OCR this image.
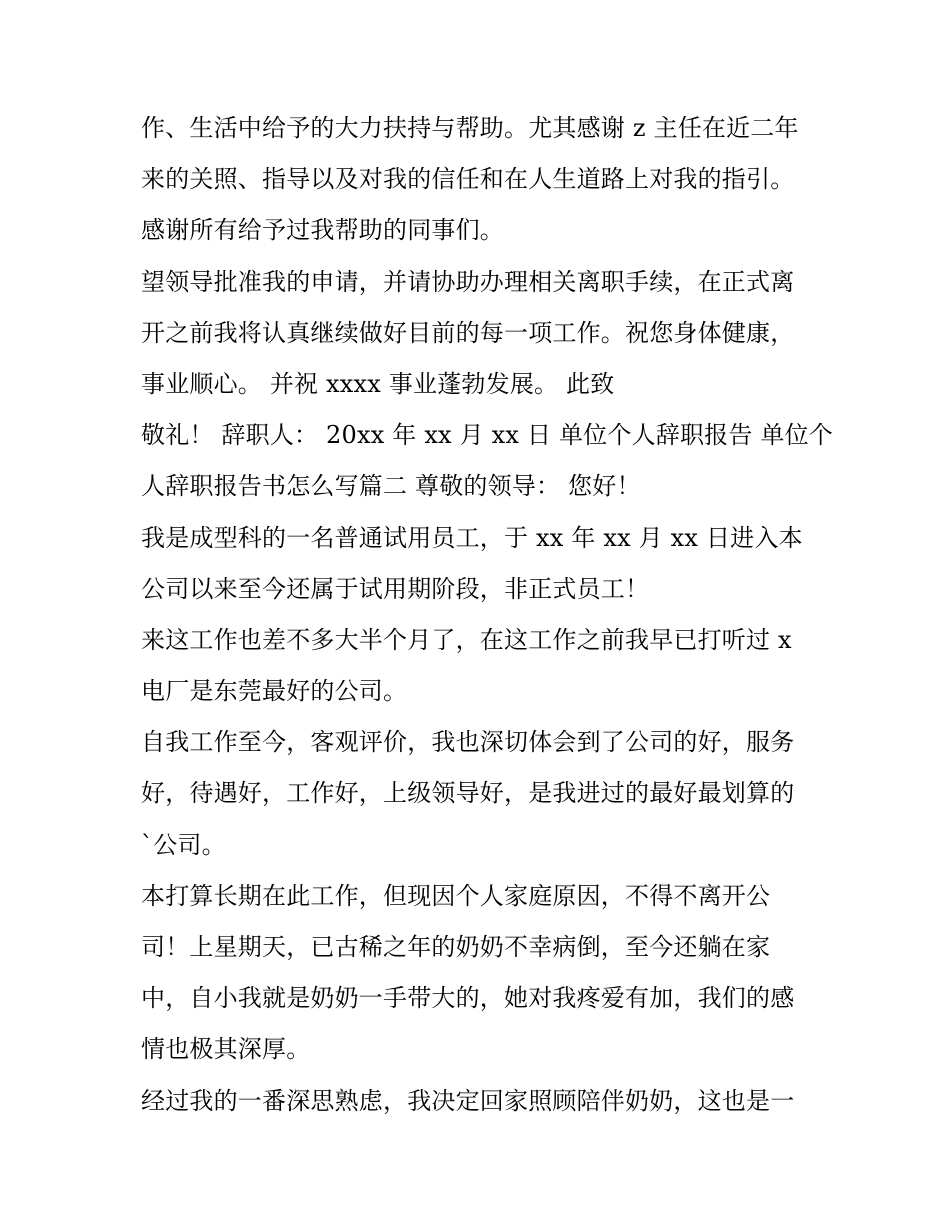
作、生活中给予的大力扶持与帮助。尤其感谢 z 主任在近二年
来的关照、指导以及对我的信任和在人生道路上对我的指引。
感谢所有给予过我帮助的同事们。
望领导批准我的申请，并请协助办理相关离职手续，在正式离
开之前我将认真继续做好目前的每一项工作。祝您身体健康，
事业顺心。 并祝 xxxx 事业蓬勃发展。 此致
敬礼！ 辞职人： 20xx 年 xx 月 xx 日 单位个人辞职报告 单位个
人辞职报告书怎么写篇二 尊敬的领导： 您好！
我是成型科的一名普通试用员工，于 xx 年 xx 月 xx 日进入本
公司以来至今还属于试用期阶段，非正式员工！
来这工作也差不多大半个月了，在这工作之前我早已打听过 x
电厂是东莞最好的公司。
自我工作至今，客观评价，我也深切体会到了公司的好，服务
好，待遇好，工作好，上级领导好，是我进过的最好最划算的
`公司。
本打算长期在此工作，但现因个人家庭原因，不得不离开公
司！上星期天，已古稀之年的奶奶不幸病倒，至今还躺在家
中，自小我就是奶奶一手带大的，她对我疼爱有加，我们的感
情也极其深厚。
经过我的一番深思熟虑，我决定回家照顾陪伴奶奶，这也是一
